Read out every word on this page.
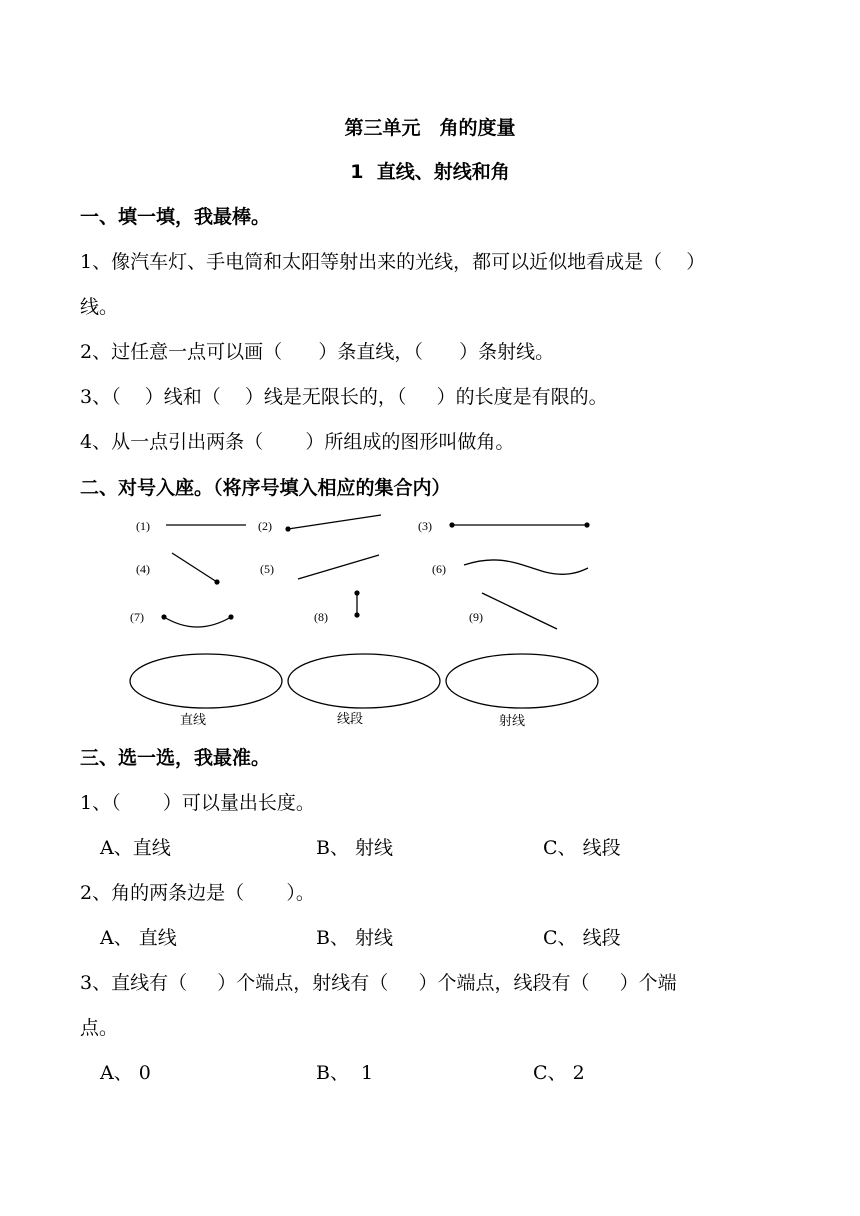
第三单元　角的度量
1  直线、射线和角
一、填一填，我最棒。
1、像汽车灯、手电筒和太阳等射出来的光线，都可以近似地看成是（    ）
线。
2、过任意一点可以画（      ）条直线，（      ）条射线。
3、（    ）线和（    ）线是无限长的，（     ）的长度是有限的。
4、从一点引出两条（       ）所组成的图形叫做角。
二、对号入座。（将序号填入相应的集合内）
(1)	(2)	(3)
(4)	(5)	(6)
(7)	(8)	(9)
直线	线段	射线
三、选一选，我最准。
1、（       ）可以量出长度。
A、直线	B、 射线	C、 线段
2、角的两条边是（       ）。
A、 直线	B、 射线	C、 线段
3、直线有（     ）个端点，射线有（     ）个端点，线段有（     ）个端
点。
A、 0	B、  1	C、 2
